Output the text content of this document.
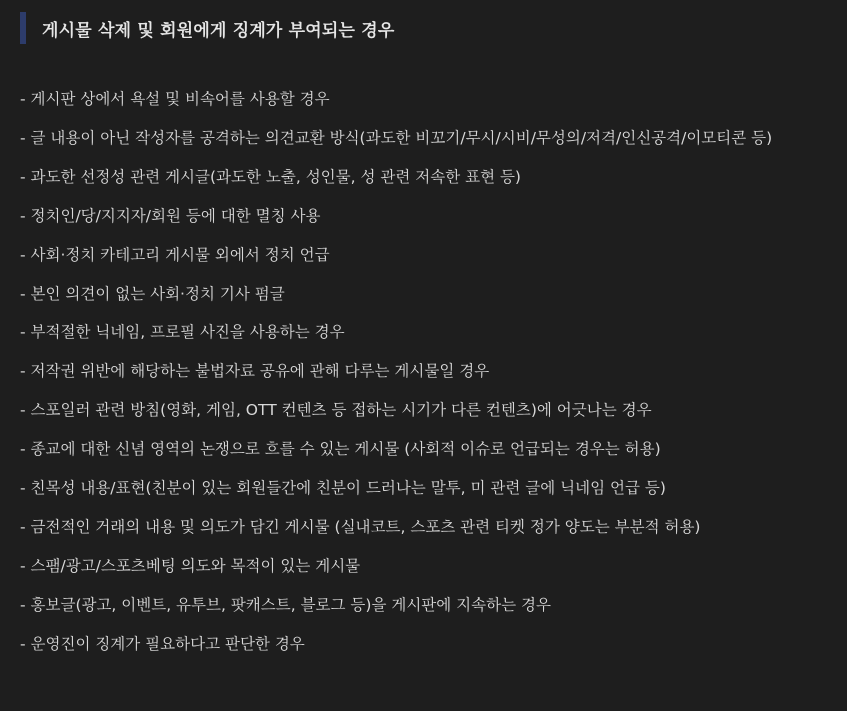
게시물 삭제 및 회원에게 징계가 부여되는 경우
- 게시판 상에서 욕설 및 비속어를 사용할 경우
- 글 내용이 아닌 작성자를 공격하는 의견교환 방식(과도한 비꼬기/무시/시비/무성의/저격/인신공격/이모티콘 등)
- 과도한 선정성 관련 게시글(과도한 노출, 성인물, 성 관련 저속한 표현 등)
- 정치인/당/지지자/회원 등에 대한 멸칭 사용
- 사회·정치 카테고리 게시물 외에서 정치 언급
- 본인 의견이 없는 사회·정치 기사 펌글
- 부적절한 닉네임, 프로필 사진을 사용하는 경우
- 저작권 위반에 해당하는 불법자료 공유에 관해 다루는 게시물일 경우
- 스포일러 관련 방침(영화, 게임, OTT 컨텐츠 등 접하는 시기가 다른 컨텐츠)에 어긋나는 경우
- 종교에 대한 신념 영역의 논쟁으로 흐를 수 있는 게시물 (사회적 이슈로 언급되는 경우는 허용)
- 친목성 내용/표현(친분이 있는 회원들간에 친분이 드러나는 말투, 미 관련 글에 닉네임 언급 등)
- 금전적인 거래의 내용 및 의도가 담긴 게시물 (실내코트, 스포츠 관련 티켓 정가 양도는 부분적 허용)
- 스팸/광고/스포츠베팅 의도와 목적이 있는 게시물
- 홍보글(광고, 이벤트, 유투브, 팟캐스트, 블로그 등)을 게시판에 지속하는 경우
- 운영진이 징계가 필요하다고 판단한 경우
